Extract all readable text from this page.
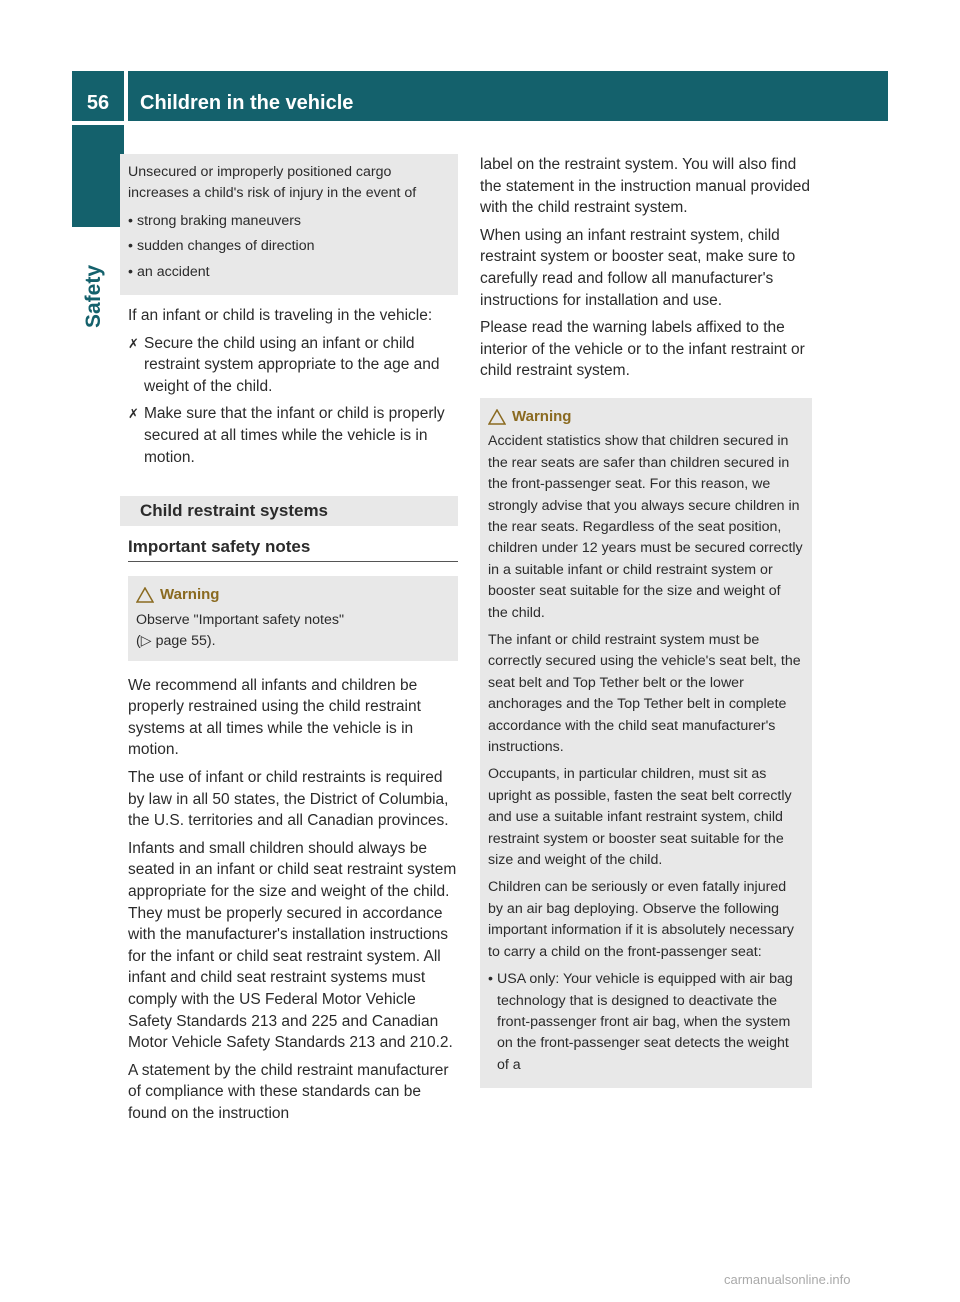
56	Children in the vehicle
Safety

Unsecured or improperly positioned cargo increases a child's risk of injury in the event of

• strong braking maneuvers
• sudden changes of direction
• an accident

If an infant or child is traveling in the vehicle:

✗ Secure the child using an infant or child restraint system appropriate to the age and weight of the child.
✗ Make sure that the infant or child is properly secured at all times while the vehicle is in motion.
Child restraint systems
Important safety notes
Warning
Observe "Important safety notes"
(▷ page 55).

We recommend all infants and children be properly restrained using the child restraint systems at all times while the vehicle is in motion.

The use of infant or child restraints is required by law in all 50 states, the District of Columbia, the U.S. territories and all Canadian provinces.

Infants and small children should always be seated in an infant or child seat restraint system appropriate for the size and weight of the child. They must be properly secured in accordance with the manufacturer's installation instructions for the infant or child seat restraint system. All infant and child seat restraint systems must comply with the US Federal Motor Vehicle Safety Standards 213 and 225 and Canadian Motor Vehicle Safety Standards 213 and 210.2.

A statement by the child restraint manufacturer of compliance with these standards can be found on the instruction

label on the restraint system. You will also find the statement in the instruction manual provided with the child restraint system.

When using an infant restraint system, child restraint system or booster seat, make sure to carefully read and follow all manufacturer's instructions for installation and use.

Please read the warning labels affixed to the interior of the vehicle or to the infant restraint or child restraint system.

Warning

Accident statistics show that children secured in the rear seats are safer than children secured in the front-passenger seat. For this reason, we strongly advise that you always secure children in the rear seats. Regardless of the seat position, children under 12 years must be secured correctly in a suitable infant or child restraint system or booster seat suitable for the size and weight of the child.

The infant or child restraint system must be correctly secured using the vehicle's seat belt, the seat belt and Top Tether belt or the lower anchorages and the Top Tether belt in complete accordance with the child seat manufacturer's instructions.

Occupants, in particular children, must sit as upright as possible, fasten the seat belt correctly and use a suitable infant restraint system, child restraint system or booster seat suitable for the size and weight of the child.

Children can be seriously or even fatally injured by an air bag deploying. Observe the following important information if it is absolutely necessary to carry a child on the front-passenger seat:

• USA only: Your vehicle is equipped with air bag technology that is designed to deactivate the front-passenger front air bag, when the system on the front-passenger seat detects the weight of a
carmanualsonline.info
